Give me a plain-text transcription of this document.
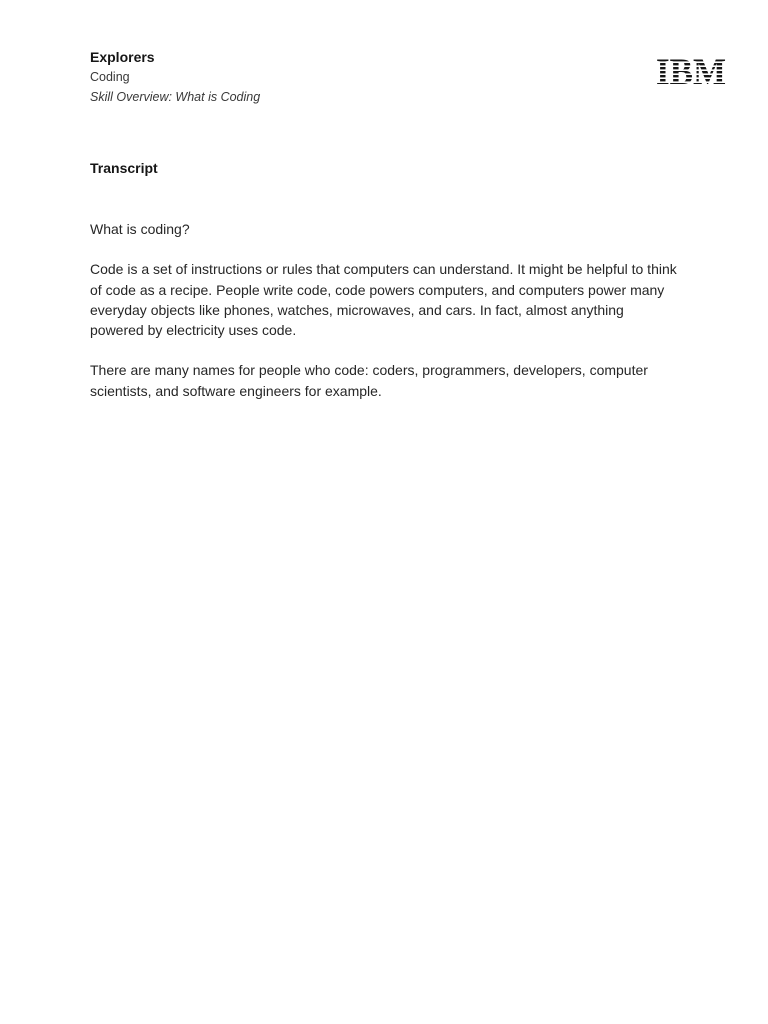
Explorers
Coding
Skill Overview: What is Coding
Transcript

What is coding?

Code is a set of instructions or rules that computers can understand. It might be helpful to think of code as a recipe. People write code, code powers computers, and computers power many everyday objects like phones, watches, microwaves, and cars. In fact, almost anything powered by electricity uses code.

There are many names for people who code: coders, programmers, developers, computer scientists, and software engineers for example.
